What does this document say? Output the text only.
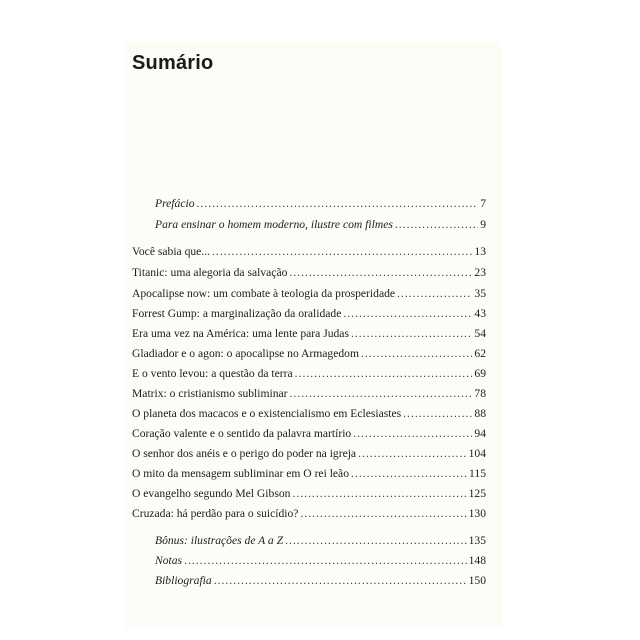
Sumário
Prefácio .....	7
Para ensinar o homem moderno, ilustre com filmes .....	9
Você sabia que... .....	13
Titanic: uma alegoria da salvação .....	23
Apocalipse now: um combate à teologia da prosperidade .....	35
Forrest Gump: a marginalização da oralidade .....	43
Era uma vez na América: uma lente para Judas .....	54
Gladiador e o agon: o apocalipse no Armagedom .....	62
E o vento levou: a questão da terra .....	69
Matrix: o cristianismo subliminar .....	78
O planeta dos macacos e o existencialismo em Eclesiastes .....	88
Coração valente e o sentido da palavra martírio .....	94
O senhor dos anéis e o perigo do poder na igreja .....	104
O mito da mensagem subliminar em O rei leão .....	115
O evangelho segundo Mel Gibson .....	125
Cruzada: há perdão para o suicídio? .....	130
Bônus: ilustrações de A a Z .....	135
Notas .....	148
Bibliografia .....	150
